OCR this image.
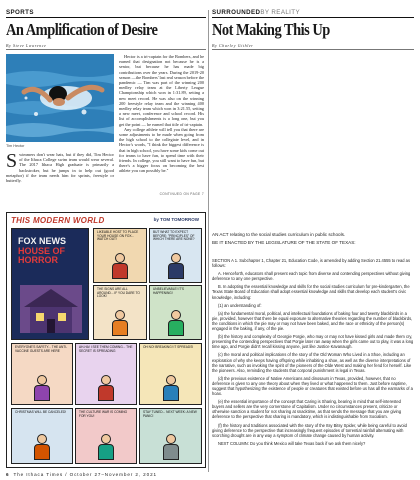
SPORTS
An Amplification of Desire
By Steve Lawrence
Tim Hector
Swimmers don't wear hats, but if they did, Tim Hector of the Ithaca College swim team would wear several. The 2017 Ithaca High graduate is primarily a backstroker, but he jumps in to help out (good metaphor) if the team needs him for sprints, freestyle or butterfly.

Hector is a tri-captain for the Bombers, and he earned that designation not because he is a senior, but because he has made big contributions over the years. During the 2019-20 season —the Bombers' last real season before the pandemic — Tim was part of the winning 200 medley relay team at the Liberty League Championship which won in 1:31.89, setting a new meet record. He was also on the winning 200 freestyle relay team and the winning 400 medley relay team which won in 3:21.55, setting a new meet, conference and school record. His list of accomplishments is a long one, but you get the point — he earned that title of tri-captain.

Any college athlete will tell you that there are some adjustments to be made when going from the high school to the collegiate level, and in Hector's words, "I think the biggest difference is that in high school, you have some kids come out for teams to have fun, to spend time with their friends. In college, you still want to have fun, but there's a bigger focus on becoming the best athlete you can possibly be."

CONTINUED ON PAGE 7
THIS MODERN WORLD	by TOM TOMORROW
FOX NEWS
HOUSE OF
HORROR
LIKEABLE HOST TO PLACE YOUR HOUSE ON FOX... WATCH OUT!
BUT WHAT TO EXPECT BEFORE: "PRINCIPLES" OF WHICH THERE ARE NONE?
THE SIGNS ARE ALL AROUND... IF YOU DARE TO LOOK!
UNBELIEVABLE! IT'S HAPPENING!
EVERYONE'S SAFETY... THE ANTI-VACCINE GUESTS ARE HERE
AH-HA! I SEE THEM COMING... THE SECRET IS SPREADING
OH NO! BREAKING! IT SPREADS!
CHRISTMAS WILL BE CANCELED!	THE CULTURE WAR IS COMING FOR YOU!
STAY TUNED... NEXT WEEK: A NEW PANIC!
SURROUNDEDBY REALITY
Not Making This Up
By Charley Githler

AN ACT relating to the social studies curriculum in public schools.

BE IT ENACTED BY THE LEGISLATURE OF THE STATE OF TEXAS:

SECTION A 1. Subchapter 1, Chapter 21, Education Code, is amended by adding Section 21.4555 to read as follows:

A. Henceforth, educators shall present each topic from diverse and contending perspectives without giving deference to any one perspective.

B. In adopting the essential knowledge and skills for the social studies curriculum for pre-kindergarten, the Texas State Board of Education shall adopt essential knowledge and skills that develop each student's civic knowledge, including:

(1) an understanding of:

(a) the fundamental moral, political, and intellectual foundations of baking four and twenty blackbirds in a pie, provided, however that there be equal exposure to alternative theories regarding the number of blackbirds, the conditions in which the pie may or may not have been baked, and the race or ethnicity of the person(s) engaged in the baking, if any, of the pie.

(b) the history and complexity of Georgie Porgie, who may or may not have kissed girls and made them cry, presenting the contending perspectives that Porgie later ran away when the girls came out to play, it was a long time ago, and Porgie didn't recall kissing anyone, just like Justice Kavanaugh.

(c) the moral and political implications of the story of the Old Woman Who Lived in a Shoe, including an exploration of why she keeps having offspring while inhabiting a shoe, as well as the diverse interpretations of the narrative, such as invoking the spirit of the pioneers of the Olde West and making her fend for herself. Like the pioneers. Also, reminding the students that corporal punishment is legal in Texas.

(d) the previous existence of Native Americans and dinosaurs in Texas, provided, however, that no deference is given to any one theory about when they lived or what happened to them. Just before naptime, suggest that hypothesizing the existence of people or creatures that existed before us has all the earmarks of a hoax.

(e) the essential importance of the concept that Caring is Sharing, bearing in mind that self-interested buyers and sellers are the very cornerstone of Capitalism. Under no circumstances present, criticize or otherwise sanction a student for not sharing at snacktime, as that sends the message that you are giving deference to the perspective that sharing is mandatory, which is indistinguishable from Socialism.

(f) the history and traditions associated with the story of the Itsy Bitsy Spider, while being careful to avoid giving deference to the perspective that increasingly frequent episodes of torrential rainfall alternating with scorching drought are in any way a symptom of climate change caused by human activity.

NEXT COLUMN: Do you think Mexico will take Texas back if we ask them nicely?

6 The Ithaca Times / October 27–November 2, 2021
